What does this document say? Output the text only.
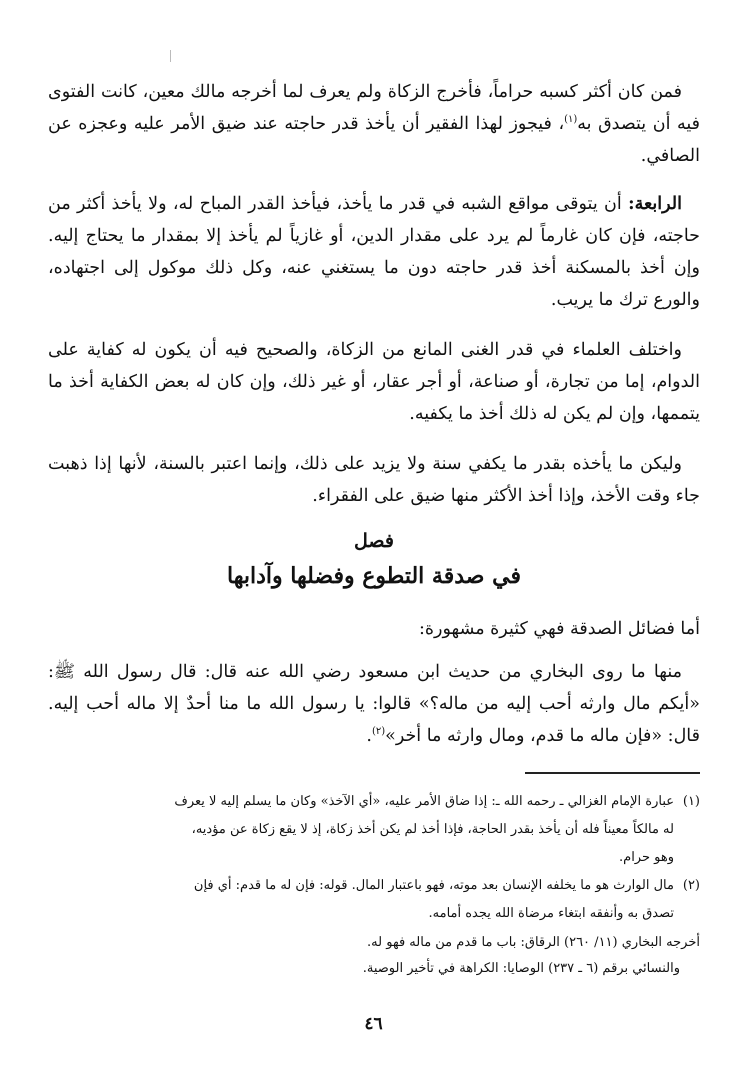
فمن كان أكثر كسبه حراماً، فأخرج الزكاة ولم يعرف لما أخرجه مالك معين، كانت الفتوى فيه أن يتصدق به$^{(١)}$، فيجوز لهذا الفقير أن يأخذ قدر حاجته عند ضيق الأمر عليه وعجزه عن الصافي.
الرابعة: أن يتوقى مواقع الشبه في قدر ما يأخذ، فيأخذ القدر المباح له، ولا يأخذ أكثر من حاجته، فإن كان غارماً لم يرد على مقدار الدين، أو غازياً لم يأخذ إلا بمقدار ما يحتاج إليه. وإن أخذ بالمسكنة أخذ قدر حاجته دون ما يستغني عنه، وكل ذلك موكول إلى اجتهاده، والورع ترك ما يريب.
واختلف العلماء في قدر الغنى المانع من الزكاة، والصحيح فيه أن يكون له كفاية على الدوام، إما من تجارة، أو صناعة، أو أجر عقار، أو غير ذلك، وإن كان له بعض الكفاية أخذ ما يتممها، وإن لم يكن له ذلك أخذ ما يكفيه.
وليكن ما يأخذه بقدر ما يكفي سنة ولا يزيد على ذلك، وإنما اعتبر بالسنة، لأنها إذا ذهبت جاء وقت الأخذ، وإذا أخذ الأكثر منها ضيق على الفقراء.
فصل
في صدقة التطوع وفضلها وآدابها
أما فضائل الصدقة فهي كثيرة مشهورة:
منها ما روى البخاري من حديث ابن مسعود رضي الله عنه قال: قال رسول الله ﷺ: «أيكم مال وارثه أحب إليه من ماله؟» قالوا: يا رسول الله ما منا أحدٌ إلا ماله أحب إليه. قال: «فإن ماله ما قدم، ومال وارثه ما أخر»$^{(٢)}$.
(١)عبارة الإمام الغزالي ـ رحمه الله ـ: إذا ضاق الأمر عليه، «أي الآخذ» وكان ما يسلم إليه لا يعرف
له مالكاً معيناً فله أن يأخذ بقدر الحاجة، فإذا أخذ لم يكن أخذ زكاة، إذ لا يقع زكاة عن مؤديه،
وهو حرام.
(٢)مال الوارث هو ما يخلفه الإنسان بعد موته، فهو باعتبار المال. قوله: فإن له ما قدم: أي فإن
تصدق به وأنفقه ابتغاء مرضاة الله يجده أمامه.
أخرجه البخاري (١١/ ٢٦٠) الرقاق: باب ما قدم من ماله فهو له.
والنسائي برقم (٦ ـ ٢٣٧) الوصايا: الكراهة في تأخير الوصية.
٤٦
